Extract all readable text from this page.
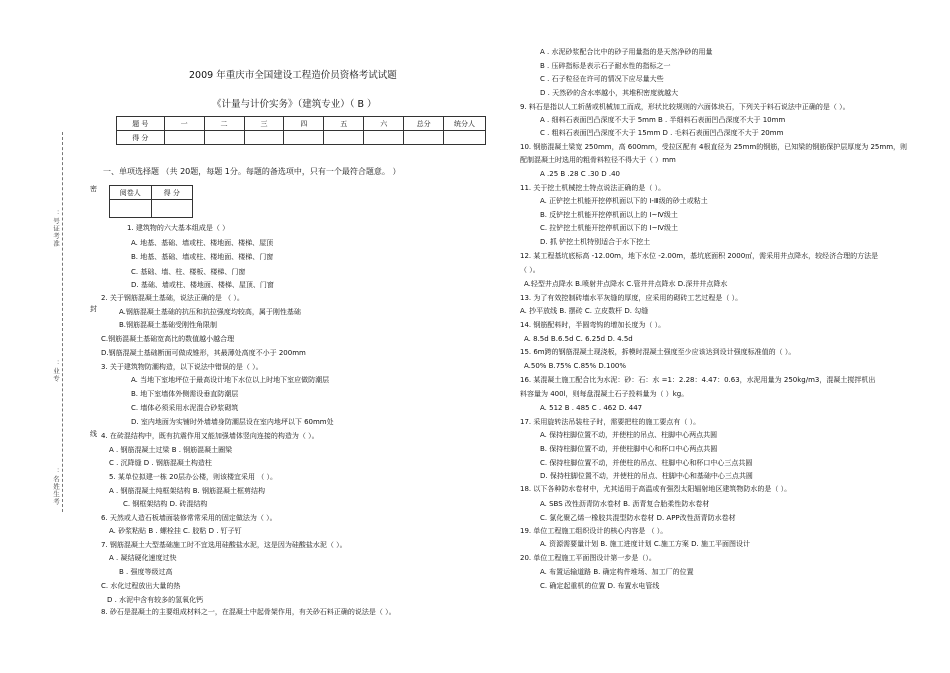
2009 年重庆市全国建设工程造价员资格考试试题
《计量与计价实务》（建筑专业）（ B ）
题 号	一	二	三	四	五	六	总分	统分人
得 分								
密
封
线
：号证考准
：业专
：名姓生考
一、单项选择题 （共 20题，每题 1分。每题的备选项中，只有一个最符合题意。 ）
阅卷人	得 分

1. 建筑物的六大基本组成是（ ）
A. 地基、基础、墙或柱、楼地面、楼梯、屋顶
B. 地基、基础、墙或柱、楼地面、楼梯、门窗
C. 基础、墙、柱、楼板、楼梯、门窗
D. 基础、墙或柱、楼地面、楼梯、屋顶、门窗
2. 关于钢筋混凝土基础，说法正确的是 （ ）。
A.钢筋混凝土基础的抗压和抗拉强度均较高，属于刚性基础
B.钢筋混凝土基础受刚性角限制
C.钢筋混凝土基础宽高比的数值越小越合理
D.钢筋混凝土基础断面可做成锥形，其最薄处高度不小于 200mm
3. 关于建筑物防潮构造，以下说法中错误的是（ ）。
A. 当地下室地坪位于最高设计地下水位以上时地下室应做防潮层
B. 地下室墙体外侧需设垂直防潮层
C. 墙体必须采用水泥混合砂浆砌筑
D. 室内地面为实铺时外墙墙身防潮层设在室内地坪以下 60mm处
4. 在砖混结构中，既有抗震作用又能加强墙体竖向连接的构造为（ ）。
A . 钢筋混凝土过梁 B . 钢筋混凝土圈梁
C . 沉降缝 D . 钢筋混凝土构造柱
5. 某单位拟建一栋 20层办公楼，则该楼宜采用 （ ）。
A . 钢筋混凝土纯框架结构 B. 钢筋混凝土框剪结构
C. 钢框架结构 D. 砖混结构
6. 天然或人造石板墙面装修常常采用的固定做法为（ ）。
A. 砂浆粘贴 B . 螺栓挂 C. 胶粘 D . 钉子钉
7. 钢筋混凝土大型基础施工时不宜选用硅酸盐水泥，这是因为硅酸盐水泥（ ）。
A . 凝结硬化速度过快
B . 强度等级过高
C. 水化过程放出大量的热
D . 水泥中含有较多的氢氧化钙
8. 砂石是混凝土的主要组成材料之一，在混凝土中起骨架作用，有关砂石料正确的说法是（ ）。
A . 水泥砂浆配合比中的砂子用量指的是天然净砂的用量
B . 压碎指标是表示石子耐水性的指标之一
C . 石子粒径在许可的情况下应尽量大些
D . 天然砂的含水率越小，其堆积密度就越大
9. 料石是指以人工斩凿或机械加工而成，形状比较规则的六面体块石，下列关于料石说法中正确的是（ ）。
A . 细料石表面凹凸深度不大于 5mm B . 半细料石表面凹凸深度不大于 10mm
C . 粗料石表面凹凸深度不大于 15mm D . 毛料石表面凹凸深度不大于 20mm
10. 钢筋混凝土梁宽 250mm，高 600mm，受拉区配有 4根直径为 25mm的钢筋，已知梁的钢筋保护层厚度为 25mm，则
配制混凝土时选用的粗骨料粒径不得大于（ ）mm
A .25 B .28 C .30 D .40
11. 关于挖土机械挖土特点说法正确的是（ ）。
A. 正铲挖土机能开挖停机面以下的 Ⅰ-Ⅲ级的砂土或粘土
B. 反铲挖土机能开挖停机面以上的 Ⅰ~Ⅳ级土
C. 拉铲挖土机能开挖停机面以下的 Ⅰ~Ⅳ级土
D. 抓 铲挖土机特别适合于水下挖土
12. 某工程基坑底标高 -12.00m，地下水位 -2.00m，基坑底面积 2000㎡，需采用井点降水，较经济合理的方法是
（ ）。
A.轻型井点降水 B.喷射井点降水 C.管井井点降水 D.深井井点降水
13. 为了有效控制砖墙水平灰缝的厚度，应采用的砌砖工艺过程是（ ）。
A. 抄平放线 B. 摆砖 C. 立皮数杆 D. 勾缝
14. 钢筋配料时，半圆弯钩的增加长度为（ ）。
A. 8.5d B.6.5d C. 6.25d D. 4.5d
15. 6m跨的钢筋混凝土现浇板，拆模时混凝土强度至少应该达到设计强度标准值的（ ）。
A.50% B.75% C.85% D.100%
16. 某混凝土施工配合比为水泥：砂：石：水 =1：2.28：4.47：0.63，水泥用量为 250kg/m3，混凝土搅拌机出
料容量为 400l，则每盘混凝土石子投料量为（ ）kg。
A. 512 B . 485 C . 462 D. 447
17. 采用旋转法吊装柱子时，需要把柱的施工要点有（ ）。
A. 保持柱脚位置不动，并使柱的吊点、柱脚中心两点共圆
B. 保持柱脚位置不动，并使柱脚中心和杯口中心两点共圆
C. 保持柱脚位置不动，并使柱的吊点、柱脚中心和杯口中心三点共圆
D. 保持柱脚位置不动，并使柱的吊点、柱脚中心和基础中心三点共圆
18. 以下各种防水卷材中，尤其适用于高温或有强烈太阳辐射地区建筑物防水的是（ ）。
A. SBS 改性沥青防水卷材 B. 沥青复合胎柔性防水卷材
C. 氯化聚乙烯一橡胶共混型防水卷材 D. APP改性沥青防水卷材
19. 单位工程施工组织设计的核心内容是 （ ）。
A. 资源需要量计划 B. 施工进度计划 C.施工方案 D. 施工平面图设计
20. 单位工程施工平面图设计第一步是（）。
A. 布置运输道路 B. 确定构件堆场、加工厂的位置
C. 确定起重机的位置 D. 布置水电管线
